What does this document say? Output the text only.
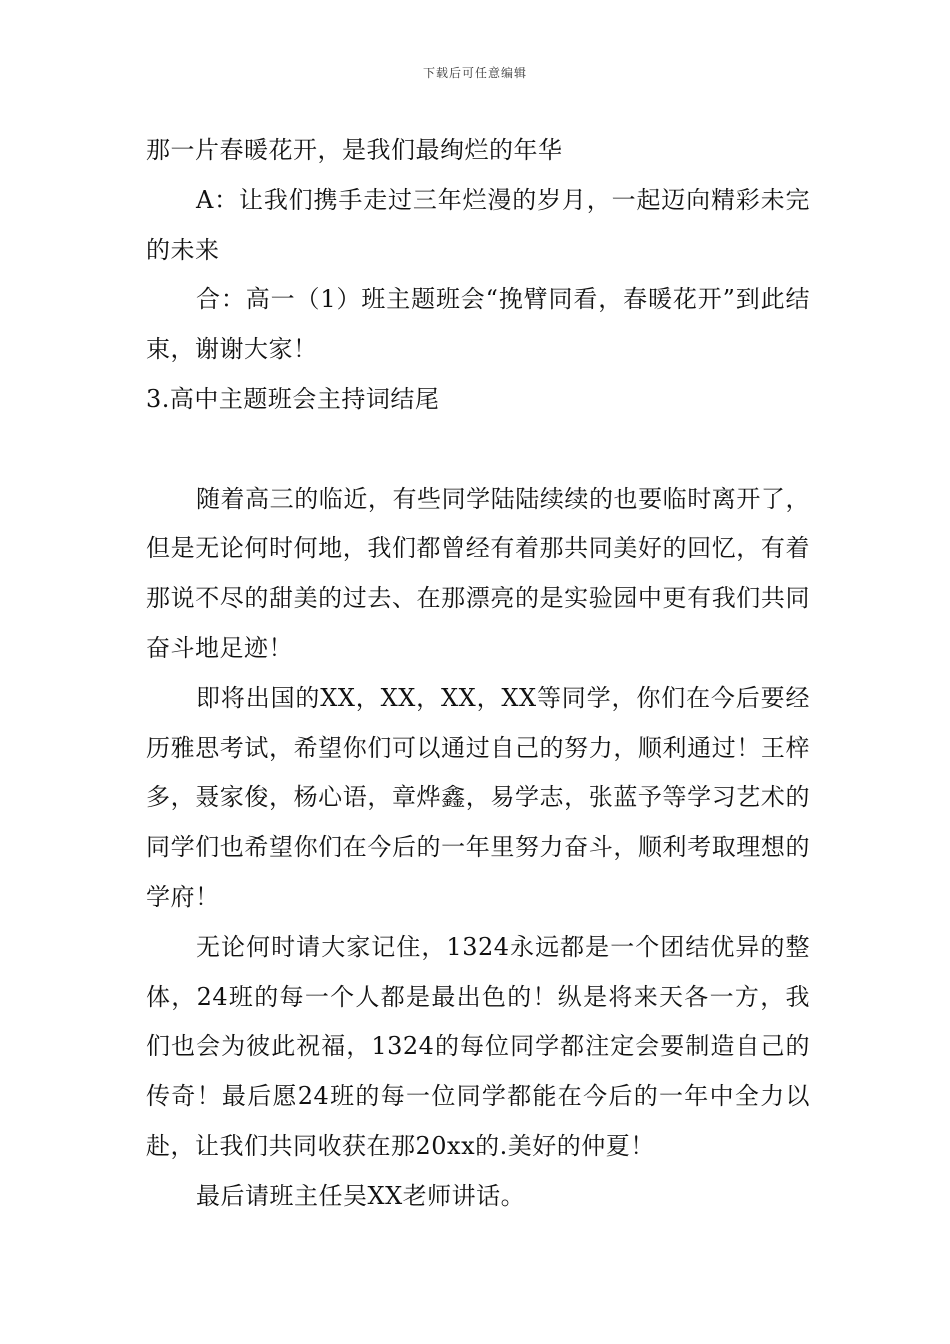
下载后可任意编辑

那一片春暖花开，是我们最绚烂的年华

A：让我们携手走过三年烂漫的岁月，一起迈向精彩未完的未来

合：高一（1）班主题班会“挽臂同看，春暖花开”到此结束，谢谢大家！

3.高中主题班会主持词结尾

随着高三的临近，有些同学陆陆续续的也要临时离开了，但是无论何时何地，我们都曾经有着那共同美好的回忆，有着那说不尽的甜美的过去、在那漂亮的是实验园中更有我们共同奋斗地足迹！

即将出国的XX，XX，XX，XX等同学，你们在今后要经历雅思考试，希望你们可以通过自己的努力，顺利通过！王梓多，聂家俊，杨心语，章烨鑫，易学志，张蓝予等学习艺术的同学们也希望你们在今后的一年里努力奋斗，顺利考取理想的学府！

无论何时请大家记住，1324永远都是一个团结优异的整体，24班的每一个人都是最出色的！纵是将来天各一方，我们也会为彼此祝福，1324的每位同学都注定会要制造自己的传奇！最后愿24班的每一位同学都能在今后的一年中全力以赴，让我们共同收获在那20xx的.美好的仲夏！

最后请班主任吴XX老师讲话。
